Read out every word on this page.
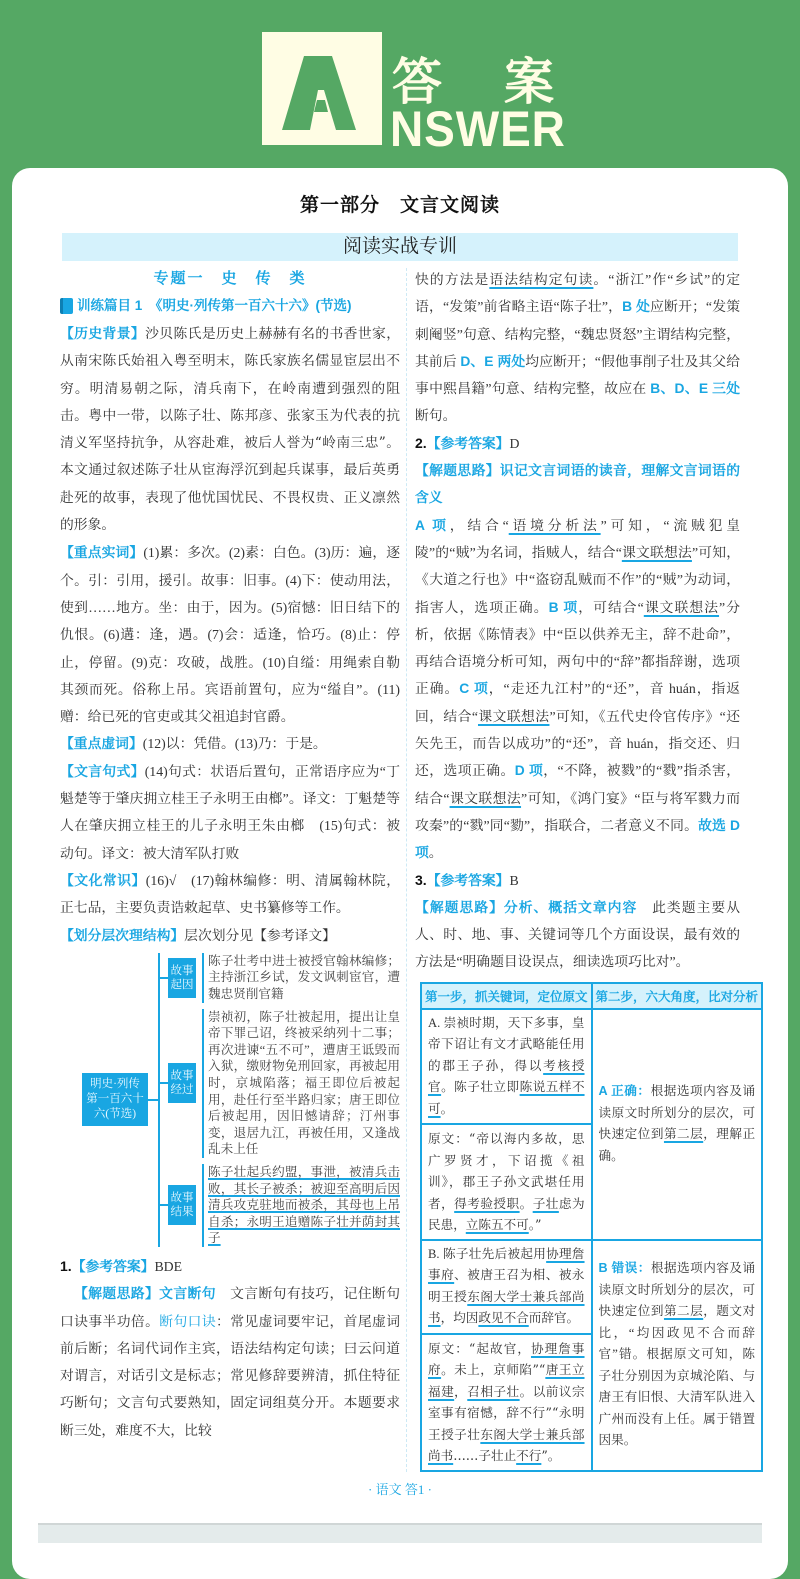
答案
NSWER
第一部分　文言文阅读
阅读实战专训
专题一　史　传　类
训练篇目 1　《明史·列传第一百六十六》(节选)
【历史背景】沙贝陈氏是历史上赫赫有名的书香世家，从南宋陈氏始祖入粤至明末，陈氏家族名儒显宦层出不穷。明清易朝之际，清兵南下，在岭南遭到强烈的阻击。粤中一带，以陈子壮、陈邦彦、张家玉为代表的抗清义军坚持抗争，从容赴难，被后人誉为“岭南三忠”。本文通过叙述陈子壮从宦海浮沉到起兵谋事，最后英勇赴死的故事，表现了他忧国忧民、不畏权贵、正义凛然的形象。
【重点实词】(1)累：多次。(2)素：白色。(3)历：遍，逐个。引：引用，援引。故事：旧事。(4)下：使动用法，使到……地方。坐：由于，因为。(5)宿憾：旧日结下的仇恨。(6)遘：逢，遇。(7)会：适逢，恰巧。(8)止：停止，停留。(9)克：攻破，战胜。(10)自缢：用绳索自勒其颈而死。俗称上吊。宾语前置句，应为“缢自”。(11)赠：给已死的官吏或其父祖追封官爵。
【重点虚词】(12)以：凭借。(13)乃：于是。
【文言句式】(14)句式：状语后置句，正常语序应为“丁魁楚等于肇庆拥立桂王子永明王由榔”。译文：丁魁楚等人在肇庆拥立桂王的儿子永明王朱由榔　(15)句式：被动句。译文：被大清军队打败
【文化常识】(16)√　(17)翰林编修：明、清属翰林院，正七品，主要负责诰敕起草、史书纂修等工作。
【划分层次理结构】层次划分见【参考译文】
明史·列传第一百六十六(节选)
故事起因
陈子壮考中进士被授官翰林编修；主持浙江乡试，发文讽刺宦官，遭魏忠贤削官籍
故事经过
崇祯初，陈子壮被起用，提出让皇帝下罪己诏，终被采纳列十二事；再次进谏“五不可”，遭唐王诋毁而入狱，缴财物免刑回家，再被起用时，京城陷落；福王即位后被起用，赴任行至半路归家；唐王即位后被起用，因旧憾请辞；汀州事变，退居九江，再被任用，又逢战乱未上任
故事结果
陈子壮起兵约盟，事泄，被清兵击败，其长子被杀；被迎至高明后因清兵攻克驻地而被杀，其母也上吊自杀；永明王追赠陈子壮并荫封其子
1.【参考答案】BDE
【解题思路】文言断句　文言断句有技巧，记住断句口诀事半功倍。断句口诀：常见虚词要牢记，首尾虚词前后断；名词代词作主宾，语法结构定句读；曰云问道对谓言，对话引文是标志；常见修辞要辨清，抓住特征巧断句；文言句式要熟知，固定词组莫分开。本题要求断三处，难度不大，比较
快的方法是语法结构定句读。“浙江”作“乡试”的定语，“发策”前省略主语“陈子壮”，B 处应断开；“发策刺阉竖”句意、结构完整，“魏忠贤怒”主谓结构完整，其前后 D、E 两处均应断开；“假他事削子壮及其父给事中熙昌籍”句意、结构完整，故应在 B、D、E 三处断句。
2.【参考答案】D
【解题思路】识记文言词语的读音，理解文言词语的含义
A 项，结合“语境分析法”可知，“流贼犯皇陵”的“贼”为名词，指贼人，结合“课文联想法”可知，《大道之行也》中“盗窃乱贼而不作”的“贼”为动词，指害人，选项正确。B 项，可结合“课文联想法”分析，依据《陈情表》中“臣以供养无主，辞不赴命”，再结合语境分析可知，两句中的“辞”都指辞谢，选项正确。C 项，“走还九江村”的“还”，音 huán，指返回，结合“课文联想法”可知，《五代史伶官传序》“还矢先王，而告以成功”的“还”，音 huán，指交还、归还，选项正确。D 项，“不降，被戮”的“戮”指杀害，结合“课文联想法”可知，《鸿门宴》“臣与将军戮力而攻秦”的“戮”同“勠”，指联合，二者意义不同。故选 D 项。
3.【参考答案】B
【解题思路】分析、概括文章内容　此类题主要从人、时、地、事、关键词等几个方面设误，最有效的方法是“明确题目设误点，细读选项巧比对”。
第一步，抓关键词，定位原文	第二步，六大角度，比对分析
A. 崇祯时期，天下多事，皇帝下诏让有文才武略能任用的郡王子孙，得以考核授官。陈子壮立即陈说五样不可。	A 正确：根据选项内容及诵读原文时所划分的层次，可快速定位到第二层，理解正确。
原文：“帝以海内多故，思广罗贤才，下诏揽《祖训》，郡王子孙文武堪任用者，得考验授职。子壮虑为民患，立陈五不可。”	
B. 陈子壮先后被起用协理詹事府、被唐王召为相、被永明王授东阁大学士兼兵部尚书，均因政见不合而辞官。	B 错误：根据选项内容及诵读原文时所划分的层次，可快速定位到第二层，题文对比，“均因政见不合而辞官”错。根据原文可知，陈子壮分别因为京城沦陷、与唐王有旧恨、大清军队进入广州而没有上任。属于错置因果。
原文：“起故官，协理詹事府。未上，京师陷”“唐王立福建，召相子壮。以前议宗室事有宿憾，辞不行”“永明王授子壮东阁大学士兼兵部尚书……子壮止不行”。	
· 语文 答1 ·
